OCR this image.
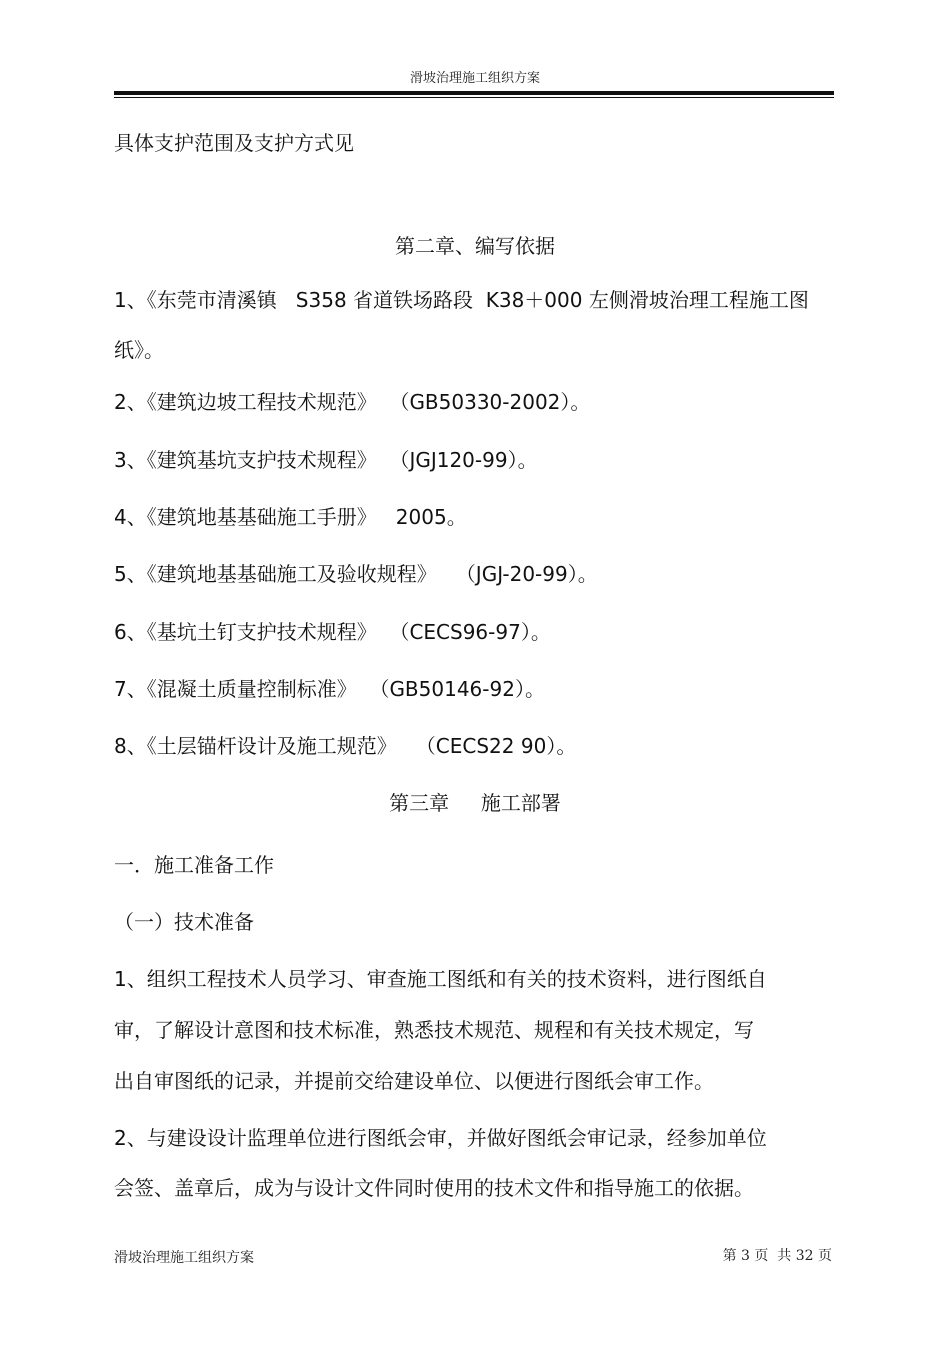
滑坡治理施工组织方案
具体支护范围及支护方式见
第二章、编写依据
1、《东莞市清溪镇   S358 省道铁场路段  K38＋000 左侧滑坡治理工程施工图
纸》。
2、《建筑边坡工程技术规范》  （GB50330-2002）。
3、《建筑基坑支护技术规程》  （JGJ120-99）。
4、《建筑地基基础施工手册》   2005。
5、《建筑地基基础施工及验收规程》   （JGJ-20-99）。
6、《基坑土钉支护技术规程》  （CECS96-97）。
7、《混凝土质量控制标准》  （GB50146-92）。
8、《土层锚杆设计及施工规范》   （CECS22 90）。
第三章     施工部署
一．施工准备工作
（一）技术准备
1、组织工程技术人员学习、审查施工图纸和有关的技术资料，进行图纸自
审，了解设计意图和技术标准，熟悉技术规范、规程和有关技术规定，写
出自审图纸的记录，并提前交给建设单位、以便进行图纸会审工作。
2、与建设设计监理单位进行图纸会审，并做好图纸会审记录，经参加单位
会签、盖章后，成为与设计文件同时使用的技术文件和指导施工的依据。
滑坡治理施工组织方案	第 3 页  共 32 页
